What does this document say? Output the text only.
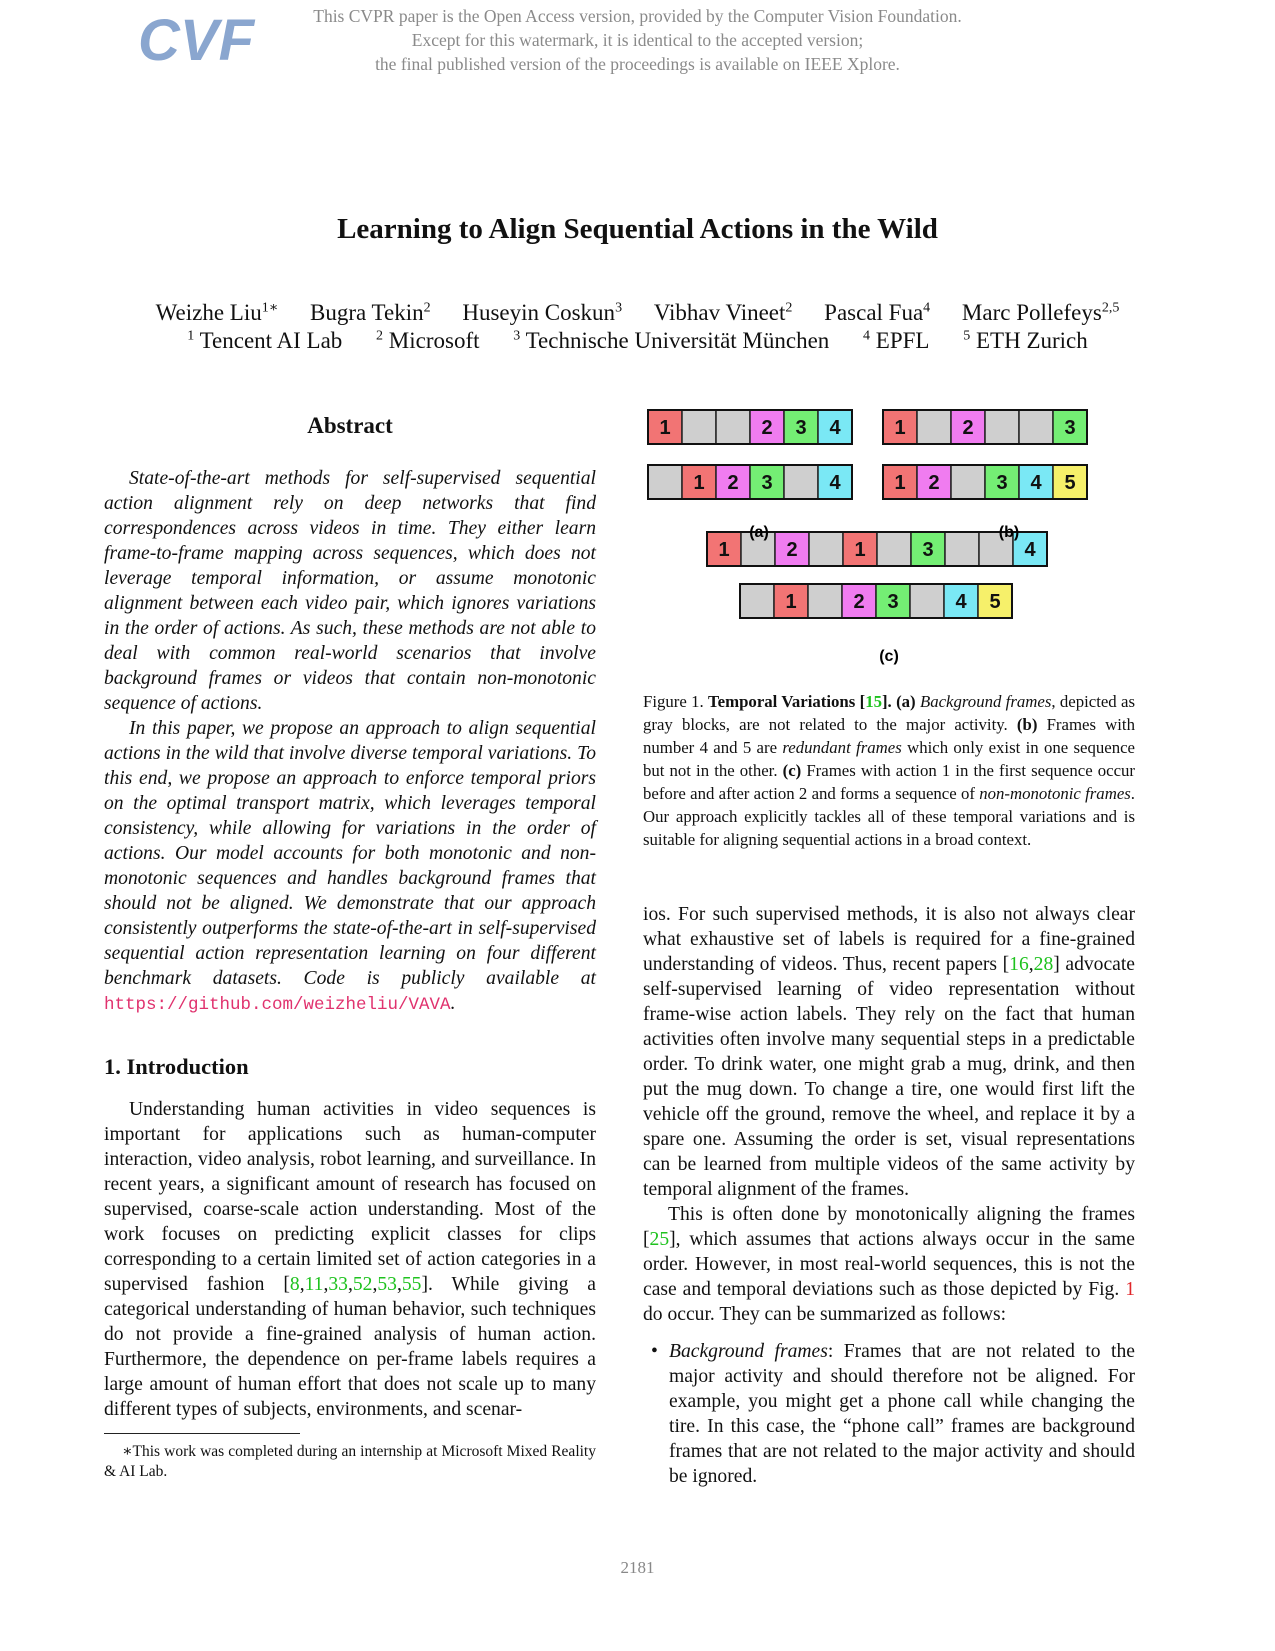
CVF	This CVPR paper is the Open Access version, provided by the Computer Vision Foundation.
Except for this watermark, it is identical to the accepted version;
the final published version of the proceedings is available on IEEE Xplore.
Learning to Align Sequential Actions in the Wild
Weizhe Liu$^{1∗}$ Bugra Tekin$^2$ Huseyin Coskun$^3$ Vibhav Vineet$^2$ Pascal Fua$^4$ Marc Pollefeys$^{2,5}$
$^1$ Tencent AI Lab $^2$ Microsoft $^3$ Technische Universität München $^4$ EPFL $^5$ ETH Zurich
Abstract

State-of-the-art methods for self-supervised sequential action alignment rely on deep networks that find correspondences across videos in time. They either learn frame-to-frame mapping across sequences, which does not leverage temporal information, or assume monotonic alignment between each video pair, which ignores variations in the order of actions. As such, these methods are not able to deal with common real-world scenarios that involve background frames or videos that contain non-monotonic sequence of actions.

In this paper, we propose an approach to align sequential actions in the wild that involve diverse temporal variations. To this end, we propose an approach to enforce temporal priors on the optimal transport matrix, which leverages temporal consistency, while allowing for variations in the order of actions. Our model accounts for both monotonic and non-monotonic sequences and handles background frames that should not be aligned. We demonstrate that our approach consistently outperforms the state-of-the-art in self-supervised sequential action representation learning on four different benchmark datasets. Code is publicly available at https://github.com/weizheliu/VAVA.

1. Introduction

Understanding human activities in video sequences is important for applications such as human-computer interaction, video analysis, robot learning, and surveillance. In recent years, a significant amount of research has focused on supervised, coarse-scale action understanding. Most of the work focuses on predicting explicit classes for clips corresponding to a certain limited set of action categories in a supervised fashion [8,11,33,52,53,55]. While giving a categorical understanding of human behavior, such techniques do not provide a fine-grained analysis of human action. Furthermore, the dependence on per-frame labels requires a large amount of human effort that does not scale up to many different types of subjects, environments, and scenar-

∗This work was completed during an internship at Microsoft Mixed Reality & AI Lab.
1	2 3 4	1	2	3
1 2 3	4	1 2	3 4 5
1	2	1	3	4
1	2 3	4 5
(a)	(b)
(c)
Figure 1. Temporal Variations [15]. (a) Background frames, depicted as gray blocks, are not related to the major activity. (b) Frames with number 4 and 5 are redundant frames which only exist in one sequence but not in the other. (c) Frames with action 1 in the first sequence occur before and after action 2 and forms a sequence of non-monotonic frames. Our approach explicitly tackles all of these temporal variations and is suitable for aligning sequential actions in a broad context.

ios. For such supervised methods, it is also not always clear what exhaustive set of labels is required for a fine-grained understanding of videos. Thus, recent papers [16,28] advocate self-supervised learning of video representation without frame-wise action labels. They rely on the fact that human activities often involve many sequential steps in a predictable order. To drink water, one might grab a mug, drink, and then put the mug down. To change a tire, one would first lift the vehicle off the ground, remove the wheel, and replace it by a spare one. Assuming the order is set, visual representations can be learned from multiple videos of the same activity by temporal alignment of the frames.

This is often done by monotonically aligning the frames [25], which assumes that actions always occur in the same order. However, in most real-world sequences, this is not the case and temporal deviations such as those depicted by Fig. 1 do occur. They can be summarized as follows:

• Background frames: Frames that are not related to the major activity and should therefore not be aligned. For example, you might get a phone call while changing the tire. In this case, the “phone call” frames are background frames that are not related to the major activity and should be ignored.
2181
